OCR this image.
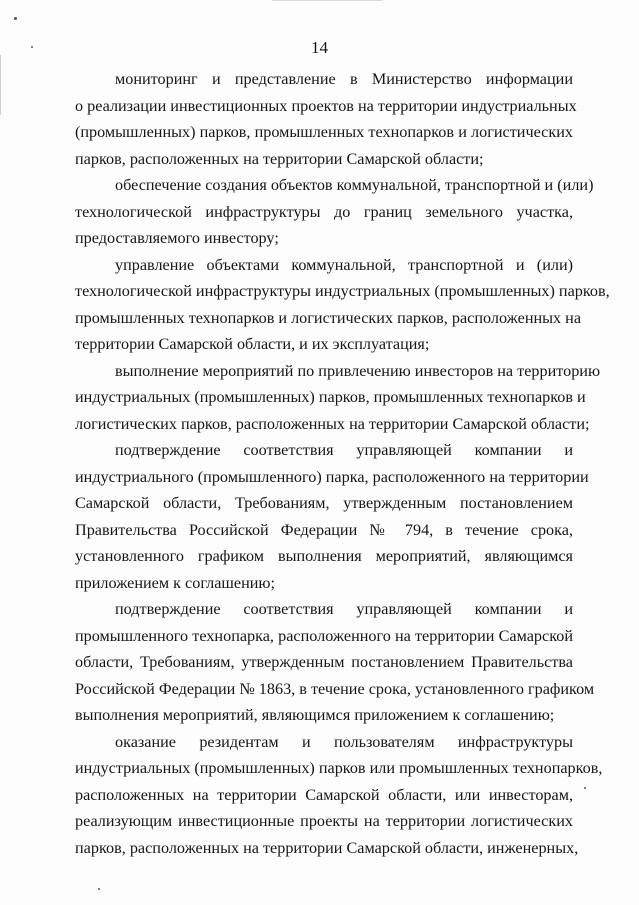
14

мониторинг и представление в Министерство информации
о реализации инвестиционных проектов на территории индустриальных
(промышленных) парков, промышленных технопарков и логистических
парков, расположенных на территории Самарской области;

обеспечение создания объектов коммунальной, транспортной и (или)
технологической инфраструктуры до границ земельного участка,
предоставляемого инвестору;

управление объектами коммунальной, транспортной и (или)
технологической инфраструктуры индустриальных (промышленных) парков,
промышленных технопарков и логистических парков, расположенных на
территории Самарской области, и их эксплуатация;

выполнение мероприятий по привлечению инвесторов на территорию
индустриальных (промышленных) парков, промышленных технопарков и
логистических парков, расположенных на территории Самарской области;

подтверждение соответствия управляющей компании и
индустриального (промышленного) парка, расположенного на территории
Самарской области, Требованиям, утвержденным постановлением
Правительства Российской Федерации № 794, в течение срока,
установленного графиком выполнения мероприятий, являющимся
приложением к соглашению;

подтверждение соответствия управляющей компании и
промышленного технопарка, расположенного на территории Самарской
области, Требованиям, утвержденным постановлением Правительства
Российской Федерации № 1863, в течение срока, установленного графиком
выполнения мероприятий, являющимся приложением к соглашению;

оказание резидентам и пользователям инфраструктуры
индустриальных (промышленных) парков или промышленных технопарков,
расположенных на территории Самарской области, или инвесторам,
реализующим инвестиционные проекты на территории логистических
парков, расположенных на территории Самарской области, инженерных,
